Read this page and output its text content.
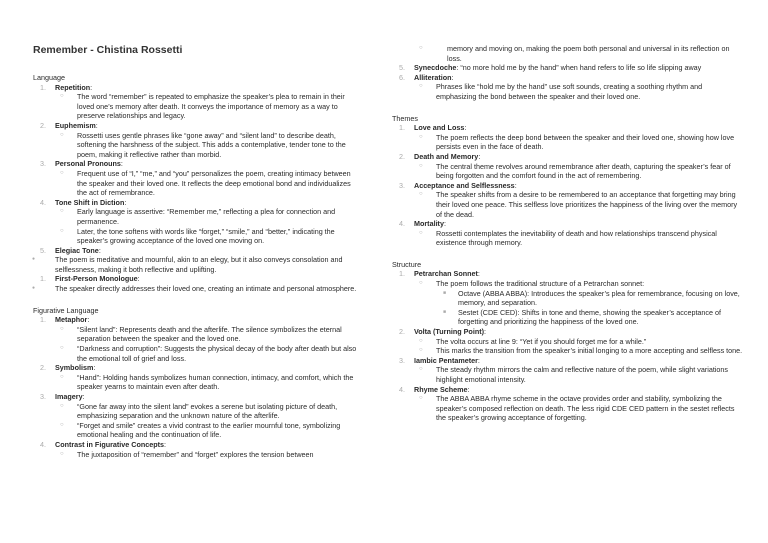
Remember - Chistina Rossetti
Language
1. Repetition:
○ The word “remember” is repeated to emphasize the speaker’s plea to remain in their loved one’s memory after death. It conveys the importance of memory as a way to preserve relationships and legacy.
2. Euphemism:
○ Rossetti uses gentle phrases like “gone away” and “silent land” to describe death, softening the harshness of the subject. This adds a contemplative, tender tone to the poem, making it reflective rather than morbid.
3. Personal Pronouns:
○ Frequent use of “I,” “me,” and “you” personalizes the poem, creating intimacy between the speaker and their loved one. It reflects the deep emotional bond and individualizes the act of remembrance.
4. Tone Shift in Diction:
○ Early language is assertive: “Remember me,” reflecting a plea for connection and permanence.
○ Later, the tone softens with words like “forget,” “smile,” and “better,” indicating the speaker’s growing acceptance of the loved one moving on.
5. Elegiac Tone:
● The poem is meditative and mournful, akin to an elegy, but it also conveys consolation and selflessness, making it both reflective and uplifting.
1. First-Person Monologue:
● The speaker directly addresses their loved one, creating an intimate and personal atmosphere.
Figurative Language
1. Metaphor:
○ “Silent land”: Represents death and the afterlife. The silence symbolizes the eternal separation between the speaker and the loved one.
○ “Darkness and corruption”: Suggests the physical decay of the body after death but also the emotional toll of grief and loss.
2. Symbolism:
○ “Hand”: Holding hands symbolizes human connection, intimacy, and comfort, which the speaker yearns to maintain even after death.
3. Imagery:
○ “Gone far away into the silent land” evokes a serene but isolating picture of death, emphasizing separation and the unknown nature of the afterlife.
○ “Forget and smile” creates a vivid contrast to the earlier mournful tone, symbolizing emotional healing and the continuation of life.
4. Contrast in Figurative Concepts:
○ The juxtaposition of “remember” and “forget” explores the tension between
○ memory and moving on, making the poem both personal and universal in its reflection on loss.
5. Synecdoche: “no more hold me by the hand” when hand refers to life so life slipping away
6. Alliteration:
○ Phrases like “hold me by the hand” use soft sounds, creating a soothing rhythm and emphasizing the bond between the speaker and their loved one.
Themes
1. Love and Loss:
○ The poem reflects the deep bond between the speaker and their loved one, showing how love persists even in the face of death.
2. Death and Memory:
○ The central theme revolves around remembrance after death, capturing the speaker’s fear of being forgotten and the comfort found in the act of remembering.
3. Acceptance and Selflessness:
○ The speaker shifts from a desire to be remembered to an acceptance that forgetting may bring their loved one peace. This selfless love prioritizes the happiness of the living over the memory of the dead.
4. Mortality:
○ Rossetti contemplates the inevitability of death and how relationships transcend physical existence through memory.
Structure
1. Petrarchan Sonnet:
○ The poem follows the traditional structure of a Petrarchan sonnet:
■ Octave (ABBA ABBA): Introduces the speaker’s plea for remembrance, focusing on love, memory, and separation.
■ Sestet (CDE CED): Shifts in tone and theme, showing the speaker’s acceptance of forgetting and prioritizing the happiness of the loved one.
2. Volta (Turning Point):
○ The volta occurs at line 9: “Yet if you should forget me for a while.”
○ This marks the transition from the speaker’s initial longing to a more accepting and selfless tone.
3. Iambic Pentameter:
○ The steady rhythm mirrors the calm and reflective nature of the poem, while slight variations highlight emotional intensity.
4. Rhyme Scheme:
○ The ABBA ABBA rhyme scheme in the octave provides order and stability, symbolizing the speaker’s composed reflection on death. The less rigid CDE CED pattern in the sestet reflects the speaker’s growing acceptance of forgetting.
